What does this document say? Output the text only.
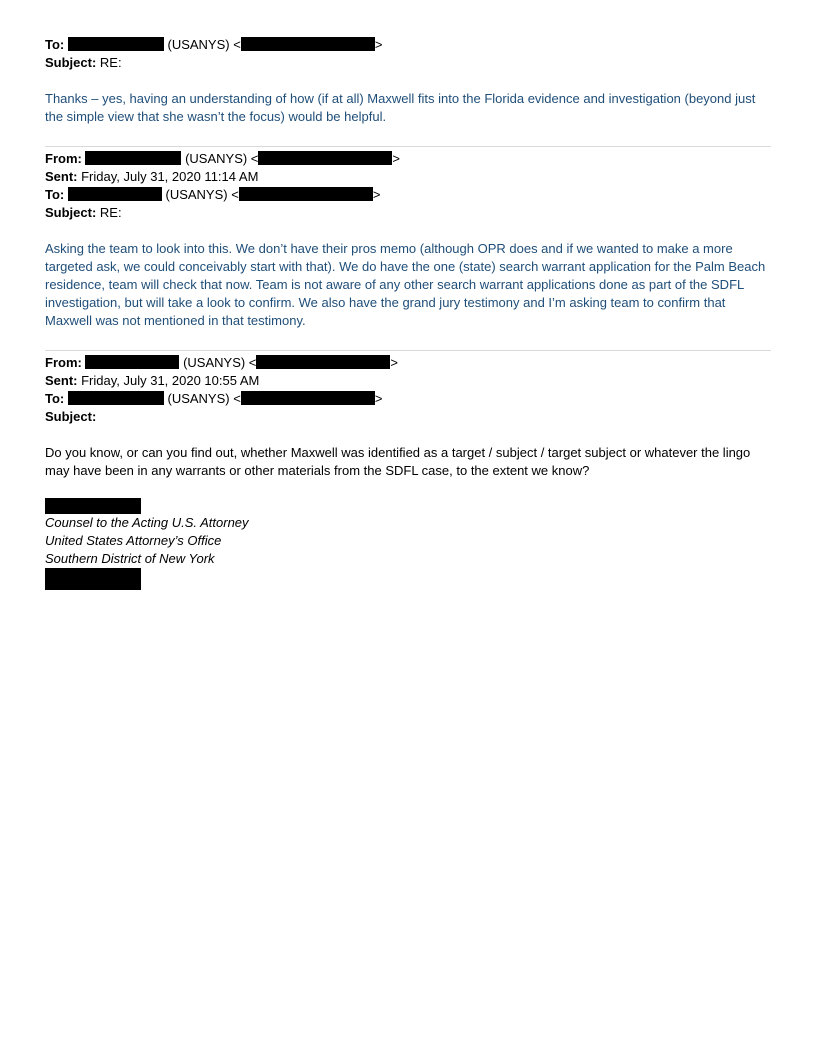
To:	(USANYS) <	>
Subject: RE:

Thanks – yes, having an understanding of how (if at all) Maxwell fits into the Florida evidence and investigation (beyond just the simple view that she wasn’t the focus) would be helpful.

From:	(USANYS) <	>
Sent: Friday, July 31, 2020 11:14 AM
To:	(USANYS) <	>
Subject: RE:

Asking the team to look into this. We don’t have their pros memo (although OPR does and if we wanted to make a more targeted ask, we could conceivably start with that). We do have the one (state) search warrant application for the Palm Beach residence, team will check that now. Team is not aware of any other search warrant applications done as part of the SDFL investigation, but will take a look to confirm. We also have the grand jury testimony and I’m asking team to confirm that Maxwell was not mentioned in that testimony.

From:	(USANYS) <	>
Sent: Friday, July 31, 2020 10:55 AM
To:	(USANYS) <	>
Subject:

Do you know, or can you find out, whether Maxwell was identified as a target / subject / target subject or whatever the lingo may have been in any warrants or other materials from the SDFL case, to the extent we know?

Counsel to the Acting U.S. Attorney
United States Attorney’s Office
Southern District of New York
